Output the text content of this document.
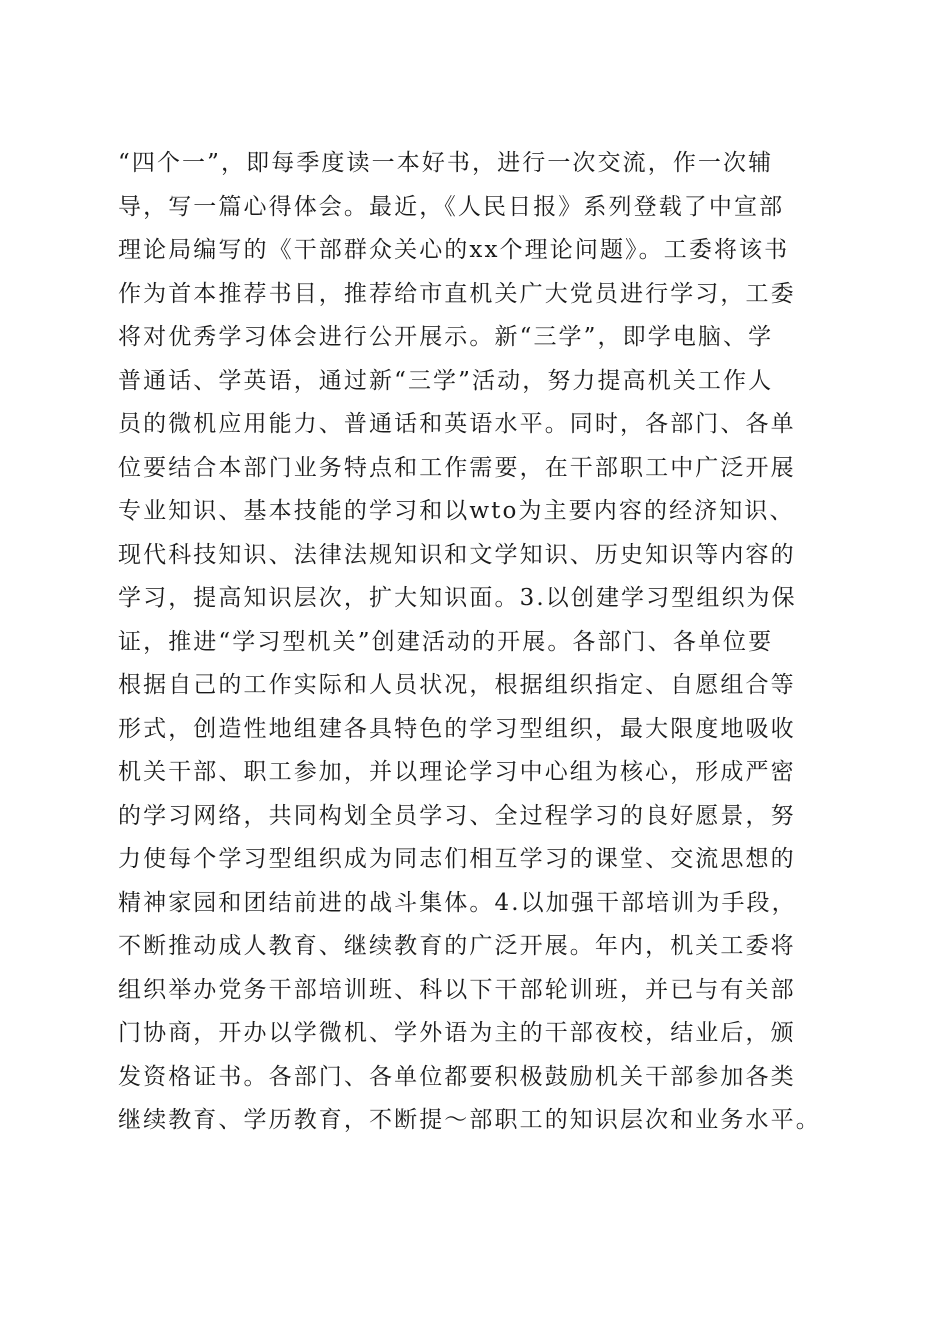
“四个一”，即每季度读一本好书，进行一次交流，作一次辅
导，写一篇心得体会。最近，《人民日报》系列登载了中宣部
理论局编写的《干部群众关心的xx个理论问题》。工委将该书
作为首本推荐书目，推荐给市直机关广大党员进行学习，工委
将对优秀学习体会进行公开展示。新“三学”，即学电脑、学
普通话、学英语，通过新“三学”活动，努力提高机关工作人
员的微机应用能力、普通话和英语水平。同时，各部门、各单
位要结合本部门业务特点和工作需要，在干部职工中广泛开展
专业知识、基本技能的学习和以wto为主要内容的经济知识、
现代科技知识、法律法规知识和文学知识、历史知识等内容的
学习，提高知识层次，扩大知识面。3.以创建学习型组织为保
证，推进“学习型机关”创建活动的开展。各部门、各单位要
根据自己的工作实际和人员状况，根据组织指定、自愿组合等
形式，创造性地组建各具特色的学习型组织，最大限度地吸收
机关干部、职工参加，并以理论学习中心组为核心，形成严密
的学习网络，共同构划全员学习、全过程学习的良好愿景，努
力使每个学习型组织成为同志们相互学习的课堂、交流思想的
精神家园和团结前进的战斗集体。4.以加强干部培训为手段，
不断推动成人教育、继续教育的广泛开展。年内，机关工委将
组织举办党务干部培训班、科以下干部轮训班，并已与有关部
门协商，开办以学微机、学外语为主的干部夜校，结业后，颁
发资格证书。各部门、各单位都要积极鼓励机关干部参加各类
继续教育、学历教育，不断提～部职工的知识层次和业务水平。
